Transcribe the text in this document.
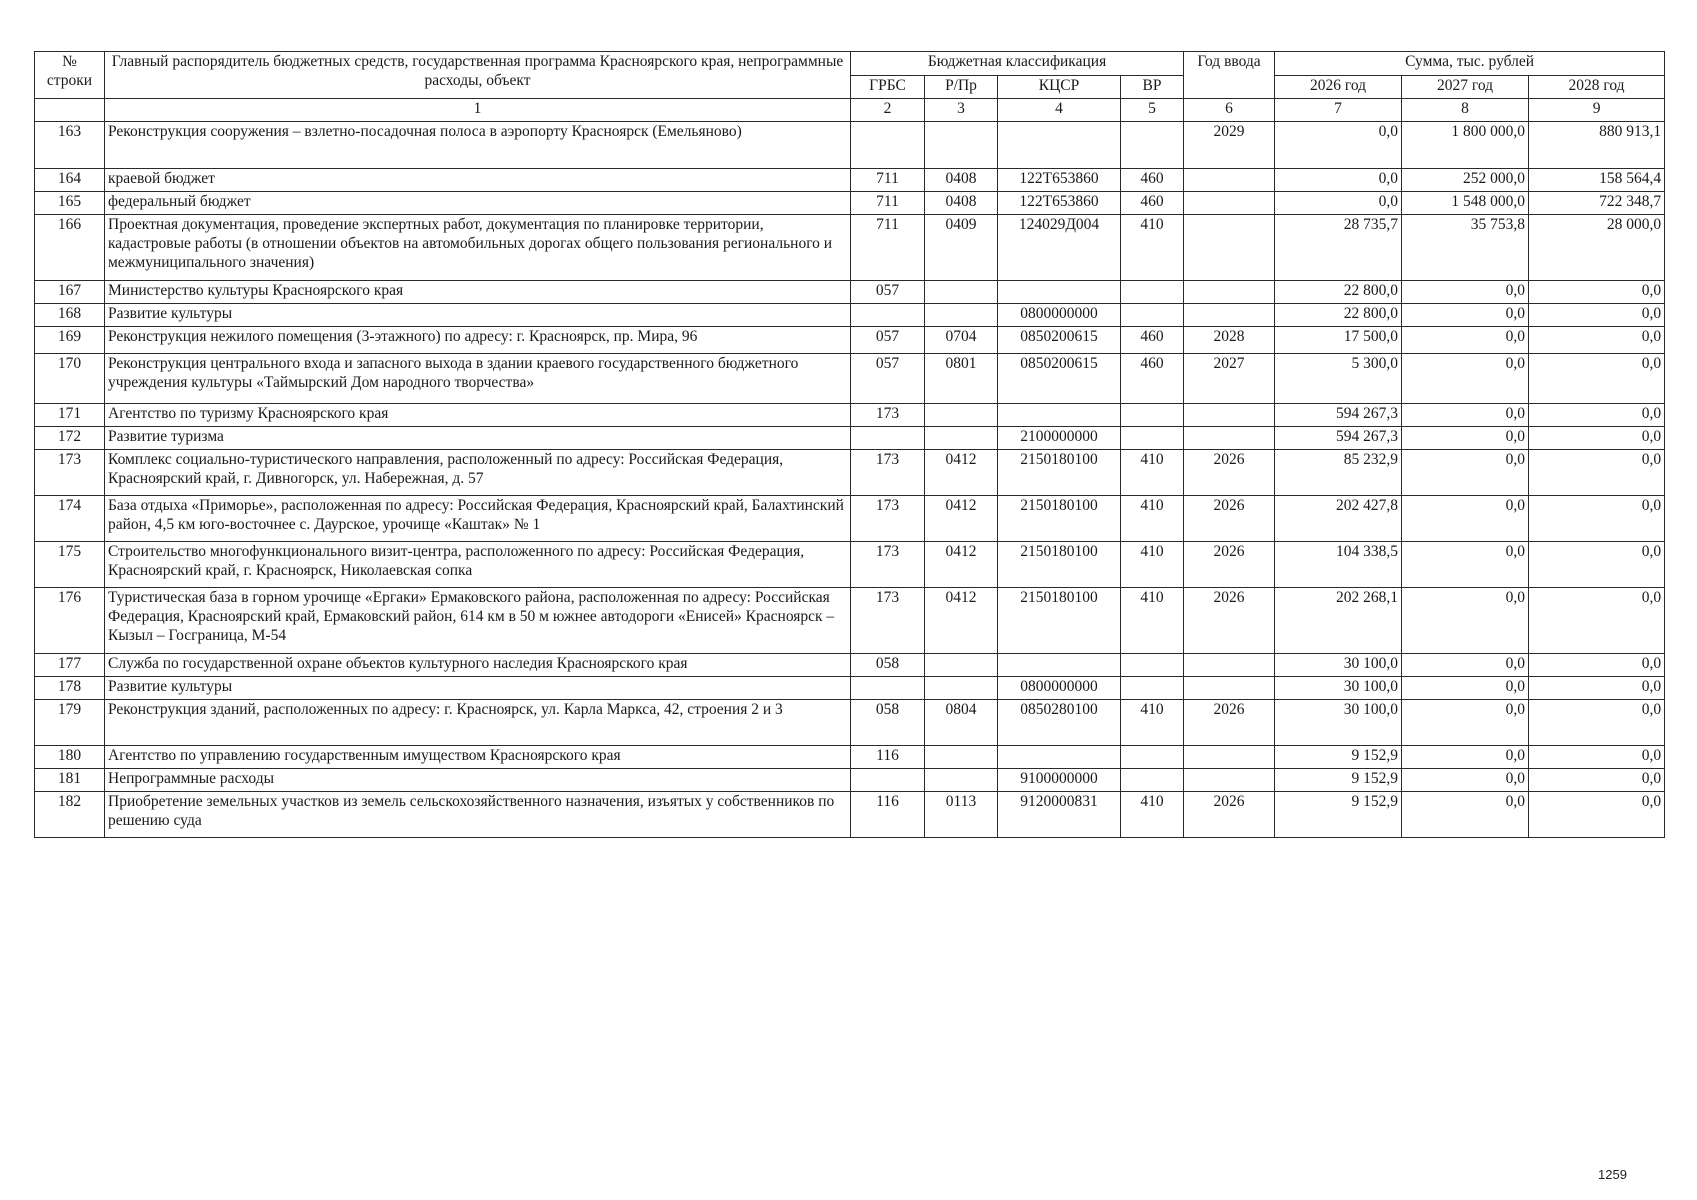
№ строки	Главный распорядитель бюджетных средств, государственная программа Красноярского края, непрограммные расходы, объект	Бюджетная классификация				Год ввода	Сумма, тыс. рублей		
		ГРБС	Р/Пр	КЦСР	ВР		2026 год	2027 год	2028 год
	1	2	3	4	5	6	7	8	9
163	Реконструкция сооружения – взлетно-посадочная полоса в аэропорту Красноярск (Емельяново)					2029	0,0	1 800 000,0	880 913,1
164	краевой бюджет	711	0408	122T653860	460		0,0	252 000,0	158 564,4
165	федеральный бюджет	711	0408	122T653860	460		0,0	1 548 000,0	722 348,7
166	Проектная документация, проведение экспертных работ, документация по планировке территории, кадастровые работы (в отношении объектов на автомобильных дорогах общего пользования регионального и межмуниципального значения)	711	0409	124029Д004	410		28 735,7	35 753,8	28 000,0
167	Министерство культуры Красноярского края	057					22 800,0	0,0	0,0
168	Развитие культуры			0800000000			22 800,0	0,0	0,0
169	Реконструкция нежилого помещения (3-этажного) по адресу: г. Красноярск, пр. Мира, 96	057	0704	0850200615	460	2028	17 500,0	0,0	0,0
170	Реконструкция центрального входа и запасного выхода в здании краевого государственного бюджетного учреждения культуры «Таймырский Дом народного творчества»	057	0801	0850200615	460	2027	5 300,0	0,0	0,0
171	Агентство по туризму Красноярского края	173					594 267,3	0,0	0,0
172	Развитие туризма			2100000000			594 267,3	0,0	0,0
173	Комплекс социально-туристического направления, расположенный по адресу: Российская Федерация, Красноярский край, г. Дивногорск, ул. Набережная, д. 57	173	0412	2150180100	410	2026	85 232,9	0,0	0,0
174	База отдыха «Приморье», расположенная по адресу: Российская Федерация, Красноярский край, Балахтинский район, 4,5 км юго-восточнее с. Даурское, урочище «Каштак» № 1	173	0412	2150180100	410	2026	202 427,8	0,0	0,0
175	Строительство многофункционального визит-центра, расположенного по адресу: Российская Федерация, Красноярский край, г. Красноярск, Николаевская сопка	173	0412	2150180100	410	2026	104 338,5	0,0	0,0
176	Туристическая база в горном урочище «Ергаки» Ермаковского района, расположенная по адресу: Российская Федерация, Красноярский край, Ермаковский район, 614 км в 50 м южнее автодороги «Енисей» Красноярск – Кызыл – Госграница, М-54	173	0412	2150180100	410	2026	202 268,1	0,0	0,0
177	Служба по государственной охране объектов культурного наследия Красноярского края	058					30 100,0	0,0	0,0
178	Развитие культуры			0800000000			30 100,0	0,0	0,0
179	Реконструкция зданий, расположенных по адресу: г. Красноярск, ул. Карла Маркса, 42, строения 2 и 3	058	0804	0850280100	410	2026	30 100,0	0,0	0,0
180	Агентство по управлению государственным имуществом Красноярского края	116					9 152,9	0,0	0,0
181	Непрограммные расходы			9100000000			9 152,9	0,0	0,0
182	Приобретение земельных участков из земель сельскохозяйственного назначения, изъятых у собственников по решению суда	116	0113	9120000831	410	2026	9 152,9	0,0	0,0
1259
